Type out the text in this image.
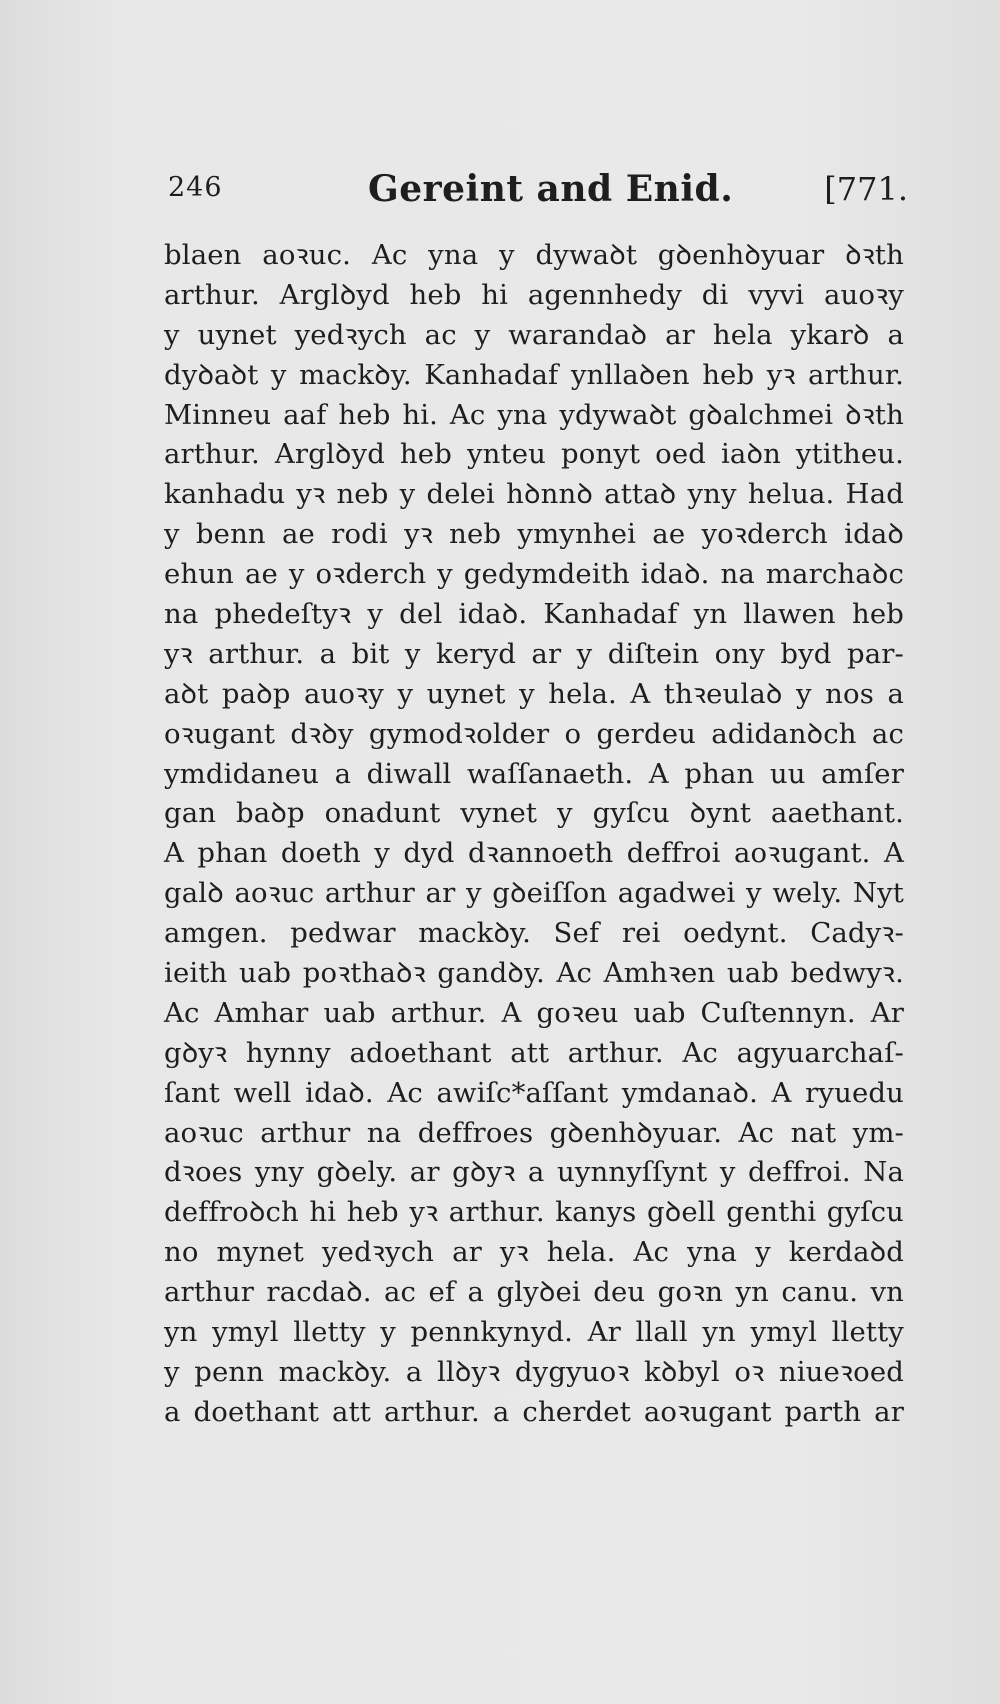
246	Gereint and Enid.	[771.
blaen aoꝛuc. Ac yna y dywaꝺt gꝺenhꝺyuar ꝺꝛth
arthur. Arglꝺyd heb hi agennhedy di vyvi auoꝛy
y uynet yedꝛych ac y warandaꝺ ar hela ykarꝺ a
dyꝺaꝺt y mackꝺy. Kanhadaf ynllaꝺen heb yꝛ arthur.
Minneu aaf heb hi. Ac yna ydywaꝺt gꝺalchmei ꝺꝛth
arthur. Arglꝺyd heb ynteu ponyt oed iaꝺn ytitheu.
kanhadu yꝛ neb y delei hꝺnnꝺ attaꝺ yny helua. Had
y benn ae rodi yꝛ neb ymynhei ae yoꝛderch idaꝺ
ehun ae y oꝛderch y gedymdeith idaꝺ. na marchaꝺc
na phedeſtyꝛ y del idaꝺ. Kanhadaf yn llawen heb
yꝛ arthur. a bit y keryd ar y diſtein ony byd par-
aꝺt paꝺp auoꝛy y uynet y hela. A thꝛeulaꝺ y nos a
oꝛugant dꝛꝺy gymodꝛolder o gerdeu adidanꝺch ac
ymdidaneu a diwall waſſanaeth. A phan uu amſer
gan baꝺp onadunt vynet y gyſcu ꝺynt aaethant.
A phan doeth y dyd dꝛannoeth deffroi aoꝛugant. A
galꝺ aoꝛuc arthur ar y gꝺeiſſon agadwei y wely. Nyt
amgen. pedwar mackꝺy. Sef rei oedynt. Cadyꝛ-
ieith uab poꝛthaꝺꝛ gandꝺy. Ac Amhꝛen uab bedwyꝛ.
Ac Amhar uab arthur. A goꝛeu uab Cuſtennyn. Ar
gꝺyꝛ hynny adoethant att arthur. Ac agyuarchaſ-
ſant well idaꝺ. Ac awiſc*aſſant ymdanaꝺ. A ryuedu
aoꝛuc arthur na deffroes gꝺenhꝺyuar. Ac nat ym-
dꝛoes yny gꝺely. ar gꝺyꝛ a uynnyſſynt y deffroi. Na
deffroꝺch hi heb yꝛ arthur. kanys gꝺell genthi gyſcu
no mynet yedꝛych ar yꝛ hela. Ac yna y kerdaꝺd
arthur racdaꝺ. ac ef a glyꝺei deu goꝛn yn canu. vn
yn ymyl lletty y pennkynyd. Ar llall yn ymyl lletty
y penn mackꝺy. a llꝺyꝛ dygyuoꝛ kꝺbyl oꝛ niueꝛoed
a doethant att arthur. a cherdet aoꝛugant parth ar
